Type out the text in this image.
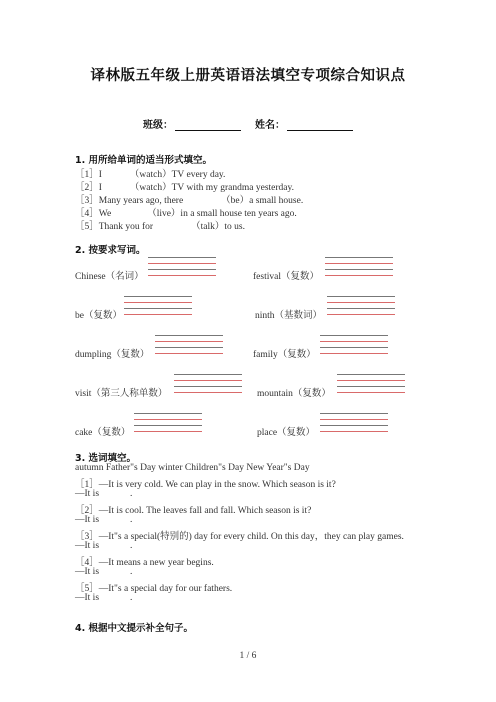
译林版五年级上册英语语法填空专项综合知识点
班级：	姓名：
1. 用所给单词的适当形式填空。
［1］I	（watch）TV every day.
［2］I	（watch）TV with my grandma yesterday.
［3］Many years ago, there	（be）a small house.
［4］We	（live）in a small house ten years ago.
［5］Thank you for	（talk）to us.
2. 按要求写词。
Chinese（名词）	festival（复数）
be（复数）	ninth（基数词）
dumpling（复数）	family（复数）
visit（第三人称单数）	mountain（复数）
cake（复数）	place（复数）
3. 选词填空。
autumn Father"s Day winter Children"s Day New Year"s Day
［1］—It is very cold. We can play in the snow. Which season is it?
—It is	.
［2］—It is cool. The leaves fall and fall. Which season is it?
—It is	.
［3］—It"s a special(特别的) day for every child. On this day，they can play games.
—It is	.
［4］—It means a new year begins.
—It is	.
［5］—It"s a special day for our fathers.
—It is	.
4. 根据中文提示补全句子。
1 / 6
